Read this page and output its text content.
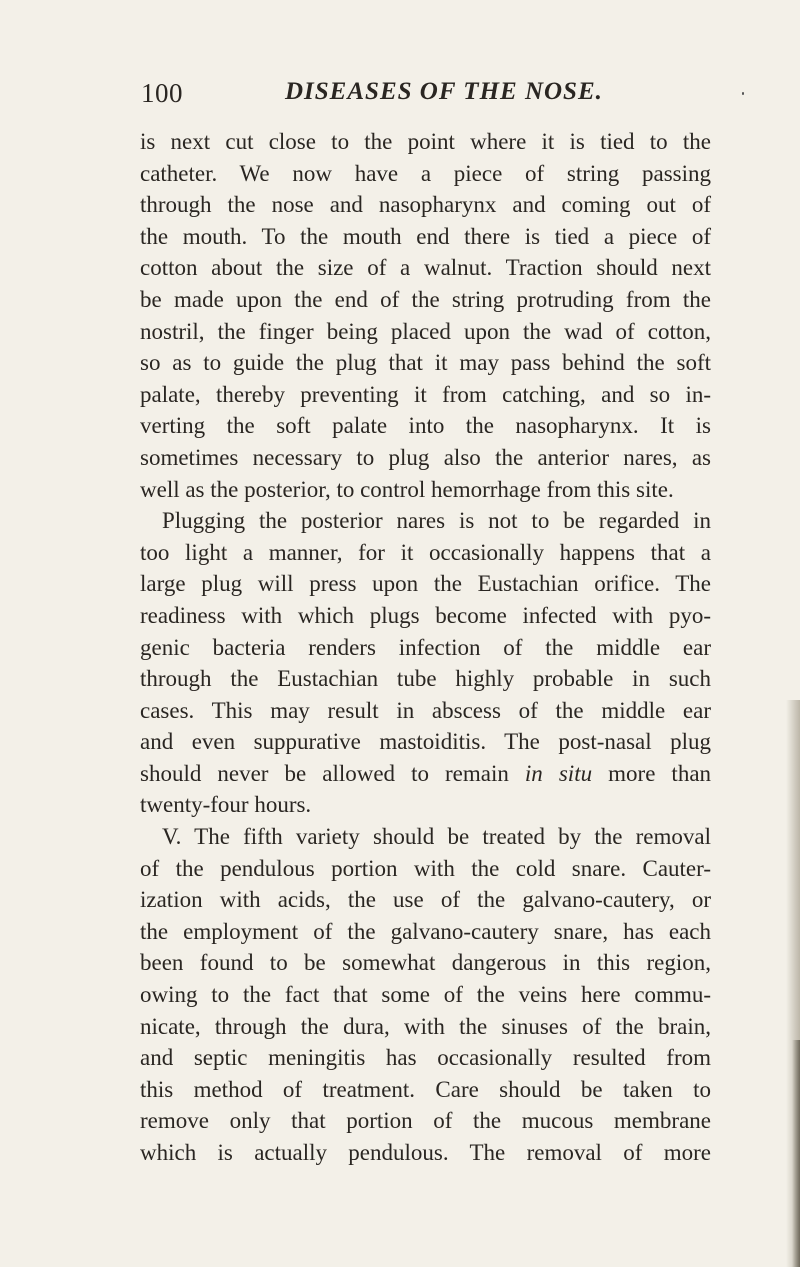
100	DISEASES OF THE NOSE.
is next cut close to the point where it is tied to the
catheter. We now have a piece of string passing
through the nose and nasopharynx and coming out of
the mouth. To the mouth end there is tied a piece of
cotton about the size of a walnut. Traction should next
be made upon the end of the string protruding from the
nostril, the finger being placed upon the wad of cotton,
so as to guide the plug that it may pass behind the soft
palate, thereby preventing it from catching, and so in-
verting the soft palate into the nasopharynx. It is
sometimes necessary to plug also the anterior nares, as
well as the posterior, to control hemorrhage from this site.
Plugging the posterior nares is not to be regarded in
too light a manner, for it occasionally happens that a
large plug will press upon the Eustachian orifice. The
readiness with which plugs become infected with pyo-
genic bacteria renders infection of the middle ear
through the Eustachian tube highly probable in such
cases. This may result in abscess of the middle ear
and even suppurative mastoiditis. The post-nasal plug
should never be allowed to remain in situ more than
twenty-four hours.
V. The fifth variety should be treated by the removal
of the pendulous portion with the cold snare. Cauter-
ization with acids, the use of the galvano-cautery, or
the employment of the galvano-cautery snare, has each
been found to be somewhat dangerous in this region,
owing to the fact that some of the veins here commu-
nicate, through the dura, with the sinuses of the brain,
and septic meningitis has occasionally resulted from
this method of treatment. Care should be taken to
remove only that portion of the mucous membrane
which is actually pendulous. The removal of more
